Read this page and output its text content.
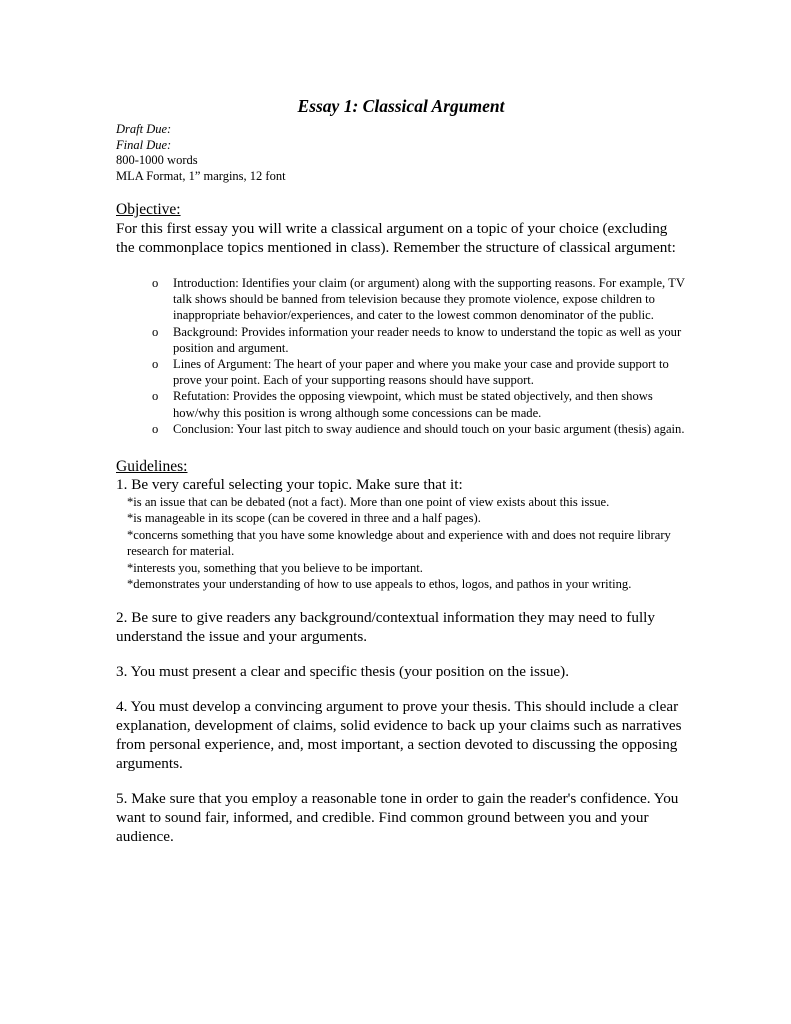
Essay 1: Classical Argument
Draft Due:
Final Due:
800-1000 words
MLA Format, 1” margins, 12 font
Objective:
For this first essay you will write a classical argument on a topic of your choice (excluding the commonplace topics mentioned in class). Remember the structure of classical argument:
o Introduction: Identifies your claim (or argument) along with the supporting reasons. For example, TV talk shows should be banned from television because they promote violence, expose children to inappropriate behavior/experiences, and cater to the lowest common denominator of the public.
o Background: Provides information your reader needs to know to understand the topic as well as your position and argument.
o Lines of Argument: The heart of your paper and where you make your case and provide support to prove your point. Each of your supporting reasons should have support.
o Refutation: Provides the opposing viewpoint, which must be stated objectively, and then shows how/why this position is wrong although some concessions can be made.
o Conclusion: Your last pitch to sway audience and should touch on your basic argument (thesis) again.
Guidelines:
1. Be very careful selecting your topic. Make sure that it:
*is an issue that can be debated (not a fact). More than one point of view exists about this issue.
*is manageable in its scope (can be covered in three and a half pages).
*concerns something that you have some knowledge about and experience with and does not require library research for material.
*interests you, something that you believe to be important.
*demonstrates your understanding of how to use appeals to ethos, logos, and pathos in your writing.
2. Be sure to give readers any background/contextual information they may need to fully understand the issue and your arguments.
3. You must present a clear and specific thesis (your position on the issue).
4. You must develop a convincing argument to prove your thesis. This should include a clear explanation, development of claims, solid evidence to back up your claims such as narratives from personal experience, and, most important, a section devoted to discussing the opposing arguments.
5. Make sure that you employ a reasonable tone in order to gain the reader's confidence. You want to sound fair, informed, and credible. Find common ground between you and your audience.
